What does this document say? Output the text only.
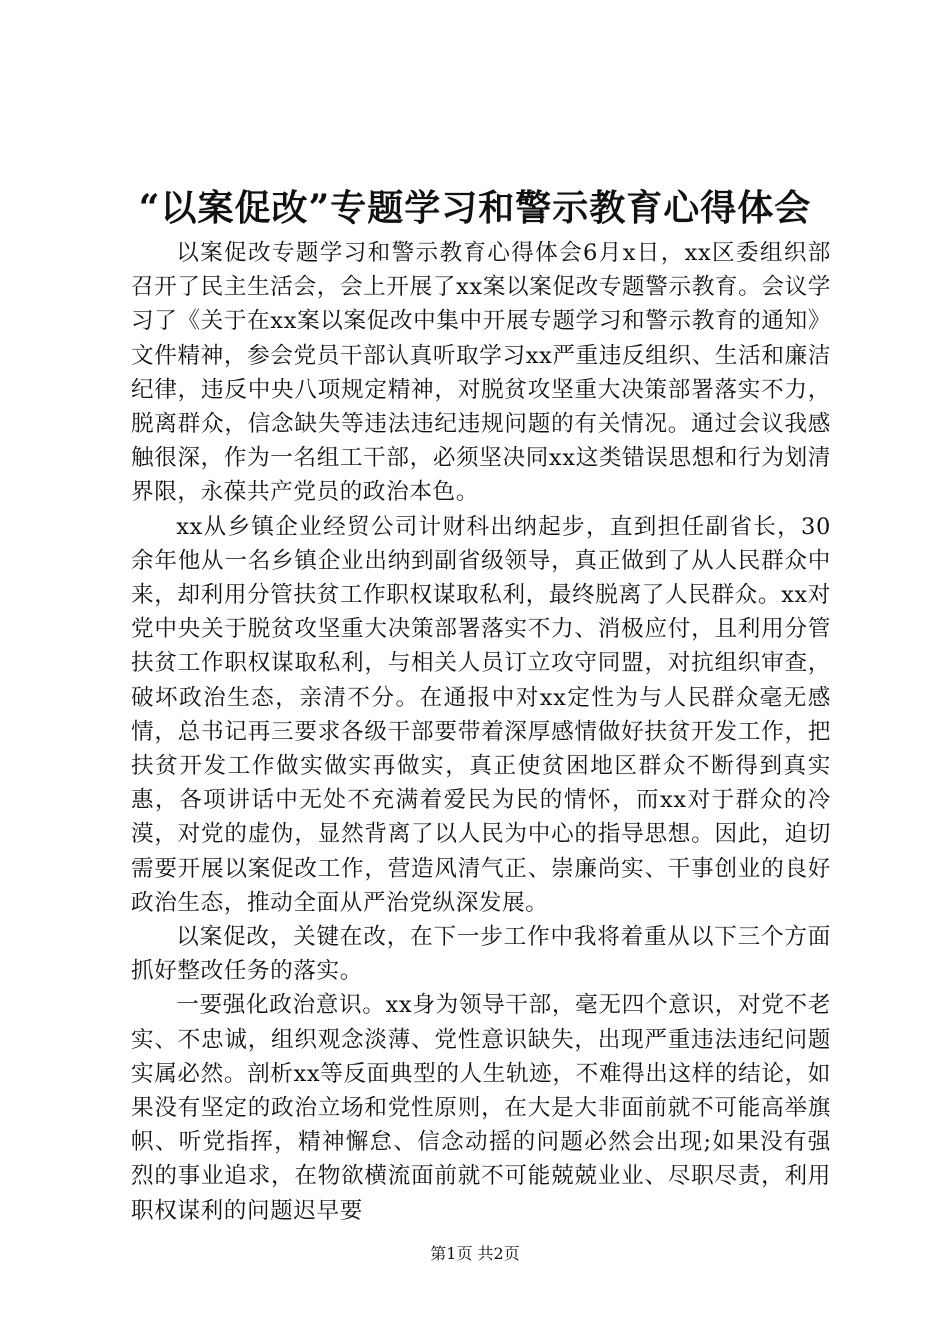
“以案促改”专题学习和警示教育心得体会

以案促改专题学习和警示教育心得体会6月x日，xx区委组织部召开了民主生活会，会上开展了xx案以案促改专题警示教育。会议学习了《关于在xx案以案促改中集中开展专题学习和警示教育的通知》文件精神，参会党员干部认真听取学习xx严重违反组织、生活和廉洁纪律，违反中央八项规定精神，对脱贫攻坚重大决策部署落实不力，脱离群众，信念缺失等违法违纪违规问题的有关情况。通过会议我感触很深，作为一名组工干部，必须坚决同xx这类错误思想和行为划清界限，永葆共产党员的政治本色。

xx从乡镇企业经贸公司计财科出纳起步，直到担任副省长，30余年他从一名乡镇企业出纳到副省级领导，真正做到了从人民群众中来，却利用分管扶贫工作职权谋取私利，最终脱离了人民群众。xx对党中央关于脱贫攻坚重大决策部署落实不力、消极应付，且利用分管扶贫工作职权谋取私利，与相关人员订立攻守同盟，对抗组织审查，破坏政治生态，亲清不分。在通报中对xx定性为与人民群众毫无感情，总书记再三要求各级干部要带着深厚感情做好扶贫开发工作，把扶贫开发工作做实做实再做实，真正使贫困地区群众不断得到真实惠，各项讲话中无处不充满着爱民为民的情怀，而xx对于群众的冷漠，对党的虚伪，显然背离了以人民为中心的指导思想。因此，迫切需要开展以案促改工作，营造风清气正、崇廉尚实、干事创业的良好政治生态，推动全面从严治党纵深发展。

以案促改，关键在改，在下一步工作中我将着重从以下三个方面抓好整改任务的落实。

一要强化政治意识。xx身为领导干部，毫无四个意识，对党不老实、不忠诚，组织观念淡薄、党性意识缺失，出现严重违法违纪问题实属必然。剖析xx等反面典型的人生轨迹，不难得出这样的结论，如果没有坚定的政治立场和党性原则，在大是大非面前就不可能高举旗帜、听党指挥，精神懈怠、信念动摇的问题必然会出现;如果没有强烈的事业追求，在物欲横流面前就不可能兢兢业业、尽职尽责，利用职权谋利的问题迟早要

第1页 共2页
